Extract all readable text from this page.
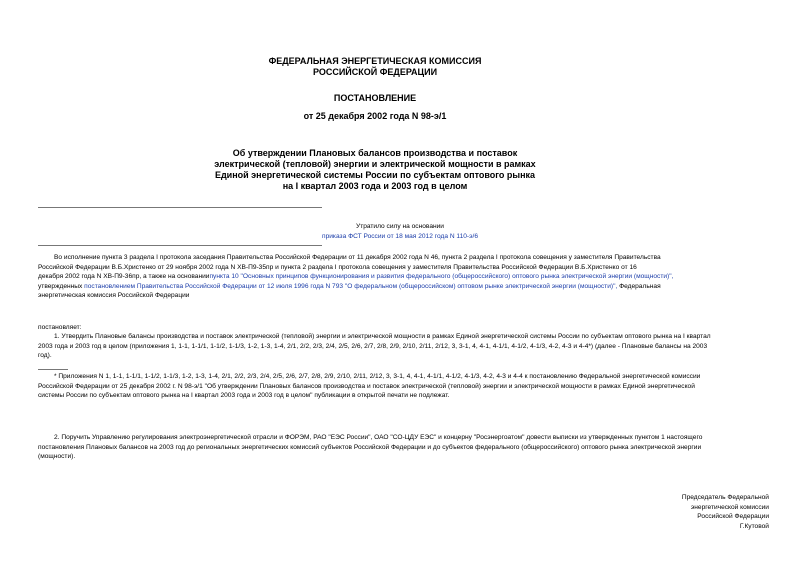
ФЕДЕРАЛЬНАЯ ЭНЕРГЕТИЧЕСКАЯ КОМИССИЯ
РОССИЙСКОЙ ФЕДЕРАЦИИ
ПОСТАНОВЛЕНИЕ
от 25 декабря 2002 года N 98-э/1
Об утверждении Плановых балансов производства и поставок
электрической (тепловой) энергии и электрической мощности в рамках
Единой энергетической системы России по субъектам оптового рынка
на I квартал 2003 года и 2003 год в целом
Утратило силу на основании
приказа ФСТ России от 18 мая 2012 года N 110-э/6
Во исполнение пункта 3 раздела I протокола заседания Правительства Российской Федерации от 11 декабря 2002 года N 46, пункта 2 раздела I протокола совещения у заместителя Правительства
Российской Федерации В.Б.Христенко от 29 ноября 2002 года N ХВ-П9-35пр и пункта 2 раздела I протокола совещения у заместителя Правительства Российской Федерации В.Б.Христенко от 16
декабря 2002 года N ХВ-П9-36пр, а также на основаниипункта 10 "Основных принципов функционирования и развития федерального (общероссийского) оптового рынка электрической энергии (мощности)",
утвержденных постановлением Правительства Российской Федерации от 12 июля 1996 года N 793 "О федеральном (общероссийском) оптовом рынке электрической энергии (мощности)", Федеральная
энергетическая комиссия Российской Федерации
постановляет:
1. Утвердить Плановые балансы производства и поставок электрической (тепловой) энергии и электрической мощности в рамках Единой энергетической системы России по субъектам оптового рынка на I квартал
2003 года и 2003 год в целом (приложения 1, 1-1, 1-1/1, 1-1/2, 1-1/3, 1-2, 1-3, 1-4, 2/1, 2/2, 2/3, 2/4, 2/5, 2/6, 2/7, 2/8, 2/9, 2/10, 2/11, 2/12, 3, 3-1, 4, 4-1, 4-1/1, 4-1/2, 4-1/3, 4-2, 4-3 и 4-4*) (далее - Плановые балансы на 2003
год).
* Приложения N 1, 1-1, 1-1/1, 1-1/2, 1-1/3, 1-2, 1-3, 1-4, 2/1, 2/2, 2/3, 2/4, 2/5, 2/6, 2/7, 2/8, 2/9, 2/10, 2/11, 2/12, 3, 3-1, 4, 4-1, 4-1/1, 4-1/2, 4-1/3, 4-2, 4-3 и 4-4 к постановлению Федеральной энергетической комиссии
Российской Федерации от 25 декабря 2002 г. N 98-э/1 "Об утверждении Плановых балансов производства и поставок электрической (тепловой) энергии и электрической мощности в рамках Единой энергетической
системы России по субъектам оптового рынка на I квартал 2003 года и 2003 год в целом" публикации в открытой печати не подлежат.
2. Поручить Управлению регулирования электроэнергетической отрасли и ФОРЭМ, РАО "ЕЭС России", ОАО "СО-ЦДУ ЕЭС" и концерну "Росэнергоатом" довести выписки из утвержденных пунктом 1 настоящего
постановления Плановых балансов на 2003 год до региональных энергетических комиссий субъектов Российской Федерации и до субъектов федерального (общероссийского) оптового рынка электрической энергии
(мощности).
Председатель Федеральной
энергетической комиссии
Российской Федерации
Г.Кутовой
